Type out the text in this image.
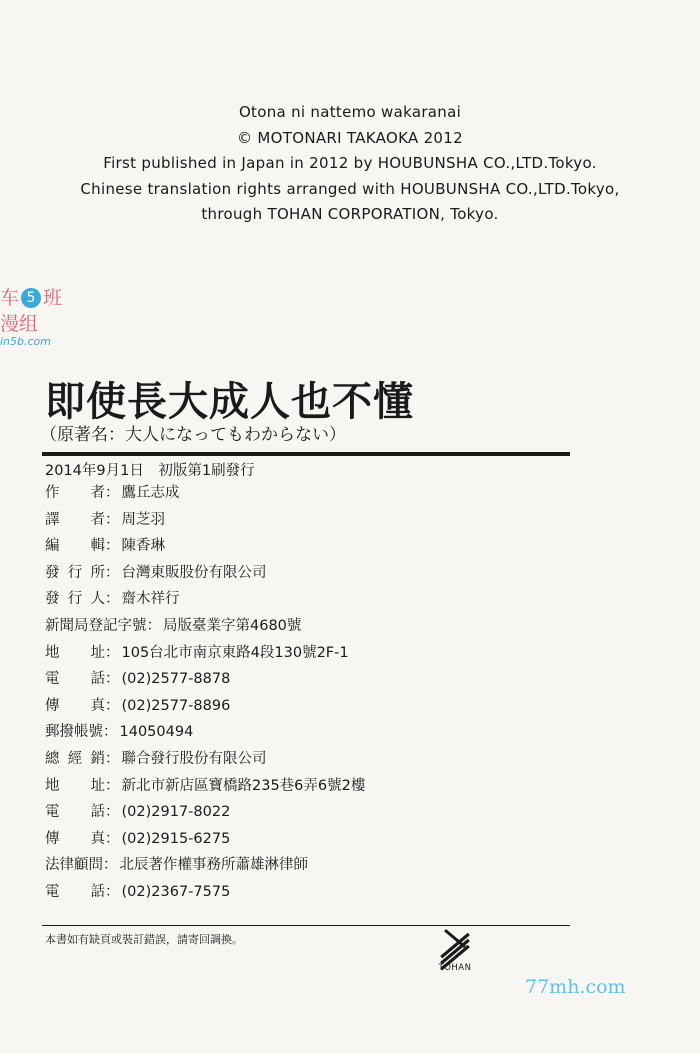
Otona ni nattemo wakaranai
© MOTONARI TAKAOKA 2012
First published in Japan in 2012 by HOUBUNSHA CO.,LTD.Tokyo.
Chinese translation rights arranged with HOUBUNSHA CO.,LTD.Tokyo,
through TOHAN CORPORATION, Tokyo.
车 5 班
漫组
in5b.com
即使長大成人也不懂
（原著名：大人になってもわからない）
2014年9月1日　初版第1刷發行
作者 ： 鷹丘志成
譯者 ： 周芝羽
編輯 ： 陳香琳
發行所 ： 台灣東販股份有限公司
發行人 ： 齋木祥行
新聞局登記字號 ： 局版臺業字第4680號
地址 ： 105台北市南京東路4段130號2F-1
電話 ： (02)2577-8878
傳真 ： (02)2577-8896
郵撥帳號 ： 14050494
總經銷 ： 聯合發行股份有限公司
地址 ： 新北市新店區寶橋路235巷6弄6號2樓
電話 ： (02)2917-8022
傳真 ： (02)2915-6275
法律顧問 ： 北辰著作權事務所蕭雄淋律師
電話 ： (02)2367-7575
本書如有缺頁或裝訂錯誤，請寄回調換。
TOHAN
77mh.com
